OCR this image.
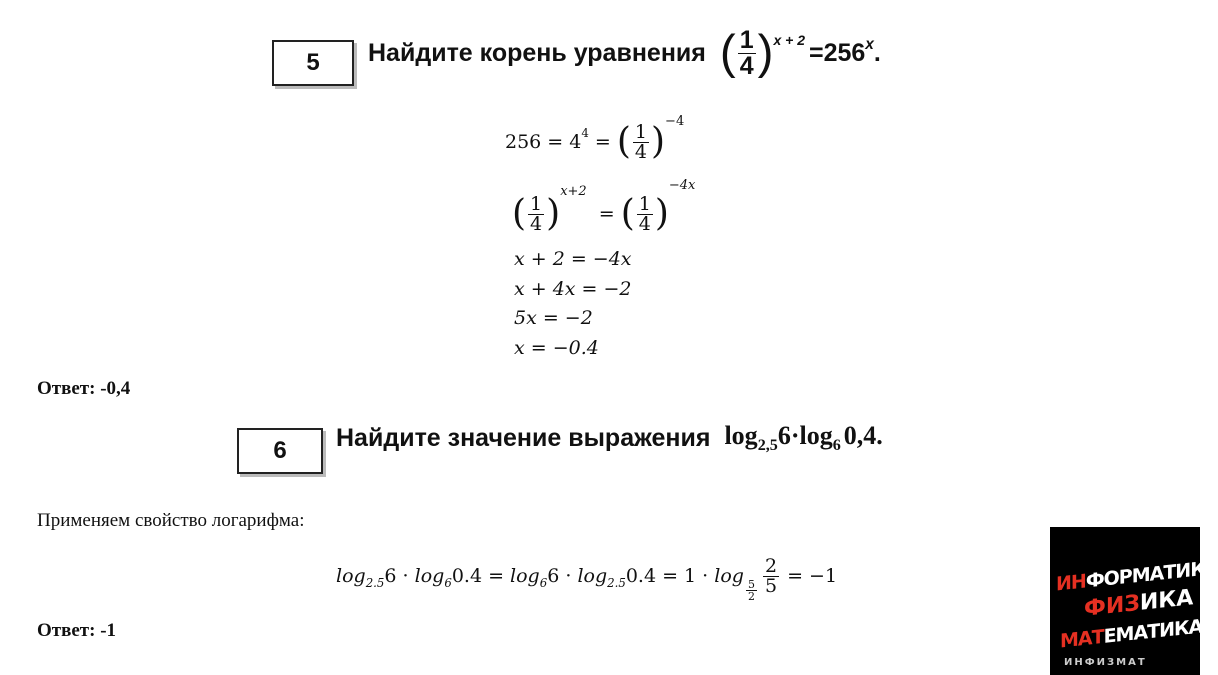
5 Найдите корень уравнения ( $\frac{1}{4}$ ) $x + 2 =256^x$ .
$256 = 4^4$ = ( $\frac{1}{4}$ ) −4
( $\frac{1}{4}$ )
x+2
= ( $\frac{1}{4}$ )
−4x
x + 2 = −4x
x + 4x = −2
5x = −2
x = −0.4
Ответ: -0,4
6 Найдите значение выражения $\log_{2,5}6\cdot\log_6$ 0,4.
Применяем свойство логарифма:
$\log_{2.5} 6 \cdot \log_6 0.4 = \log_6 6 \cdot \log_{2.5} 0.4 = 1 \cdot \log$
$\frac{5}{2} \frac{2}{5} = -1$
Ответ: -1
ИНФОРМАТИКА
ФИЗИКА
МАТЕМАТИКА
ИНФИЗМАТ
